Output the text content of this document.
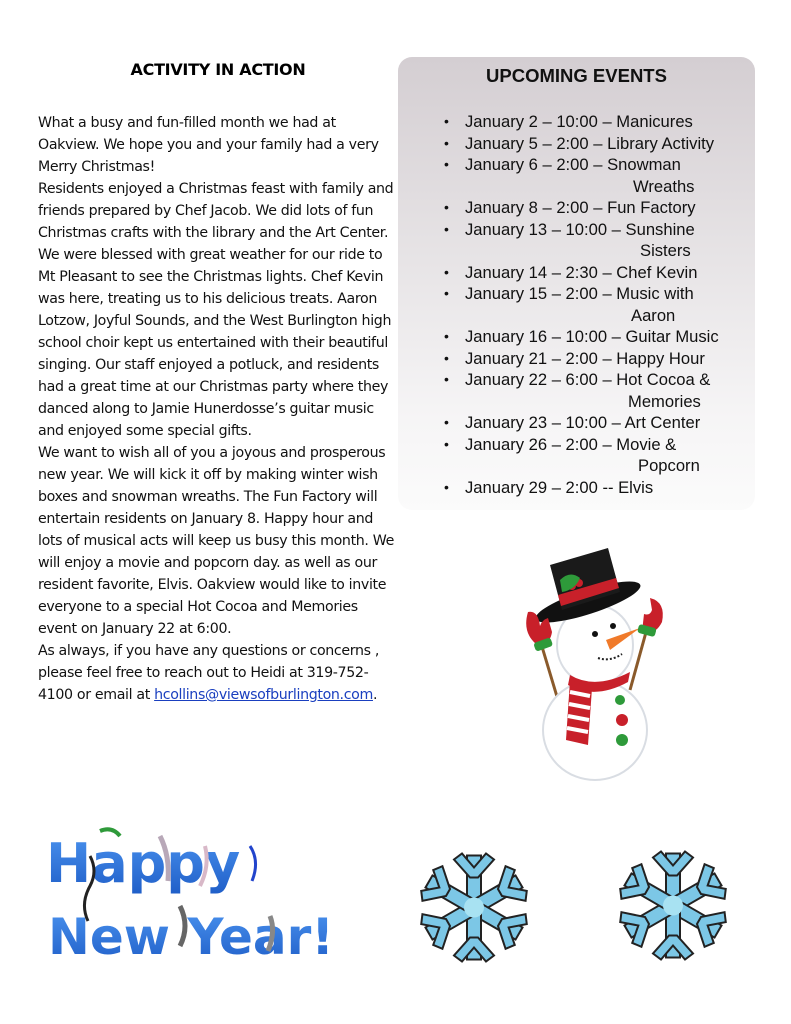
ACTIVITY IN ACTION

What a busy and fun-filled month we had at Oakview. We hope you and your family had a very Merry Christmas!

Residents enjoyed a Christmas feast with family and friends prepared by Chef Jacob. We did lots of fun Christmas crafts with the library and the Art Center. We were blessed with great weather for our ride to Mt Pleasant to see the Christmas lights. Chef Kevin was here, treating us to his delicious treats. Aaron Lotzow, Joyful Sounds, and the West Burlington high school choir kept us entertained with their beautiful singing. Our staff enjoyed a potluck, and residents had a great time at our Christmas party where they danced along to Jamie Hunerdosse’s guitar music and enjoyed some special gifts.

We want to wish all of you a joyous and prosperous new year. We will kick it off by making winter wish boxes and snowman wreaths. The Fun Factory will entertain residents on January 8. Happy hour and lots of musical acts will keep us busy this month. We will enjoy a movie and popcorn day. as well as our resident favorite, Elvis. Oakview would like to invite everyone to a special Hot Cocoa and Memories event on January 22 at 6:00.

As always, if you have any questions or concerns , please feel free to reach out to Heidi at 319-752-4100 or email at hcollins@viewsofburlington.com.

UPCOMING EVENTS
• January 2 – 10:00 – Manicures
• January 5 – 2:00 – Library Activity
• January 6 – 2:00 – Snowman
Wreaths
• January 8 – 2:00 – Fun Factory
• January 13 – 10:00 – Sunshine
Sisters
• January 14 – 2:30 – Chef Kevin
• January 15 – 2:00 – Music with
Aaron
• January 16 – 10:00 – Guitar Music
• January 21 – 2:00 – Happy Hour
• January 22 – 6:00 – Hot Cocoa &
Memories
• January 23 – 10:00 – Art Center
• January 26 – 2:00 – Movie &
Popcorn
• January 29 – 2:00 -- Elvis
Happy
New Year!
